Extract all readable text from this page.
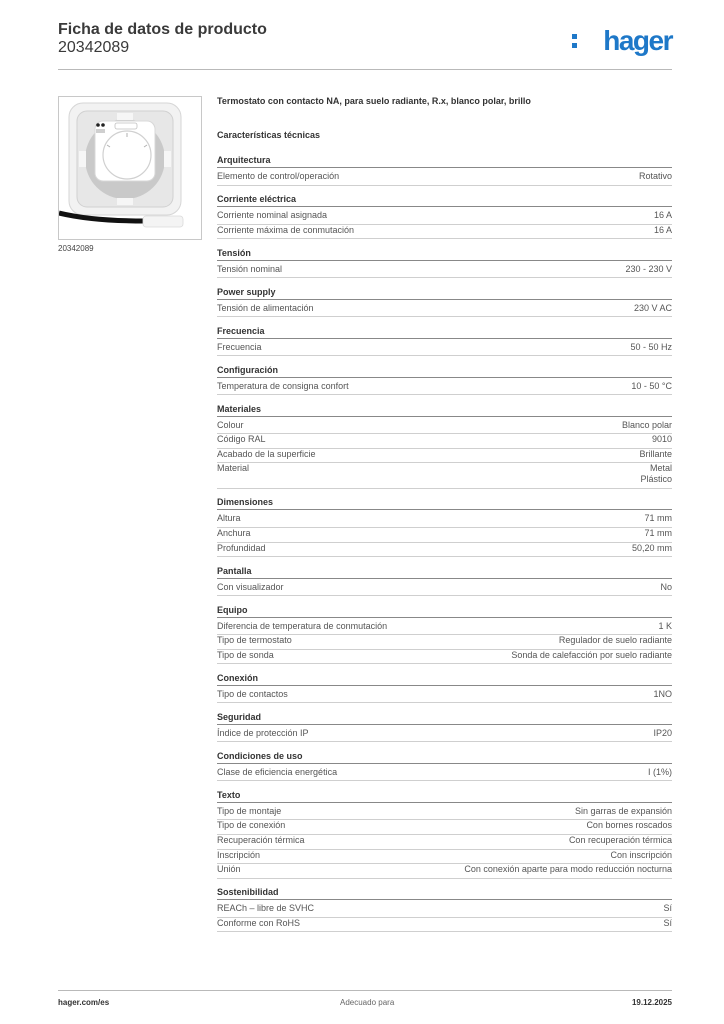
Ficha de datos de producto
20342089	hager
20342089
Termostato con contacto NA, para suelo radiante, R.x, blanco polar, brillo
Características técnicas
Arquitectura
Elemento de control/operación	Rotativo
Corriente eléctrica
Corriente nominal asignada	16 A
Corriente máxima de conmutación	16 A
Tensión
Tensión nominal	230 - 230 V
Power supply
Tensión de alimentación	230 V AC
Frecuencia
Frecuencia	50 - 50 Hz
Configuración
Temperatura de consigna confort	10 - 50 °C
Materiales
Colour	Blanco polar
Código RAL	9010
Acabado de la superficie	Brillante
Material	Metal
Plástico
Dimensiones
Altura	71 mm
Anchura	71 mm
Profundidad	50,20 mm
Pantalla
Con visualizador	No
Equipo
Diferencia de temperatura de conmutación	1 K
Tipo de termostato	Regulador de suelo radiante
Tipo de sonda	Sonda de calefacción por suelo radiante
Conexión
Tipo de contactos	1NO
Seguridad
Índice de protección IP	IP20
Condiciones de uso
Clase de eficiencia energética	I (1%)
Texto
Tipo de montaje	Sin garras de expansión
Tipo de conexión	Con bornes roscados
Recuperación térmica	Con recuperación térmica
Inscripción	Con inscripción
Unión	Con conexión aparte para modo reducción nocturna
Sostenibilidad
REACh – libre de SVHC	Sí
Conforme con RoHS	Sí
hager.com/es	Adecuado para	19.12.2025
